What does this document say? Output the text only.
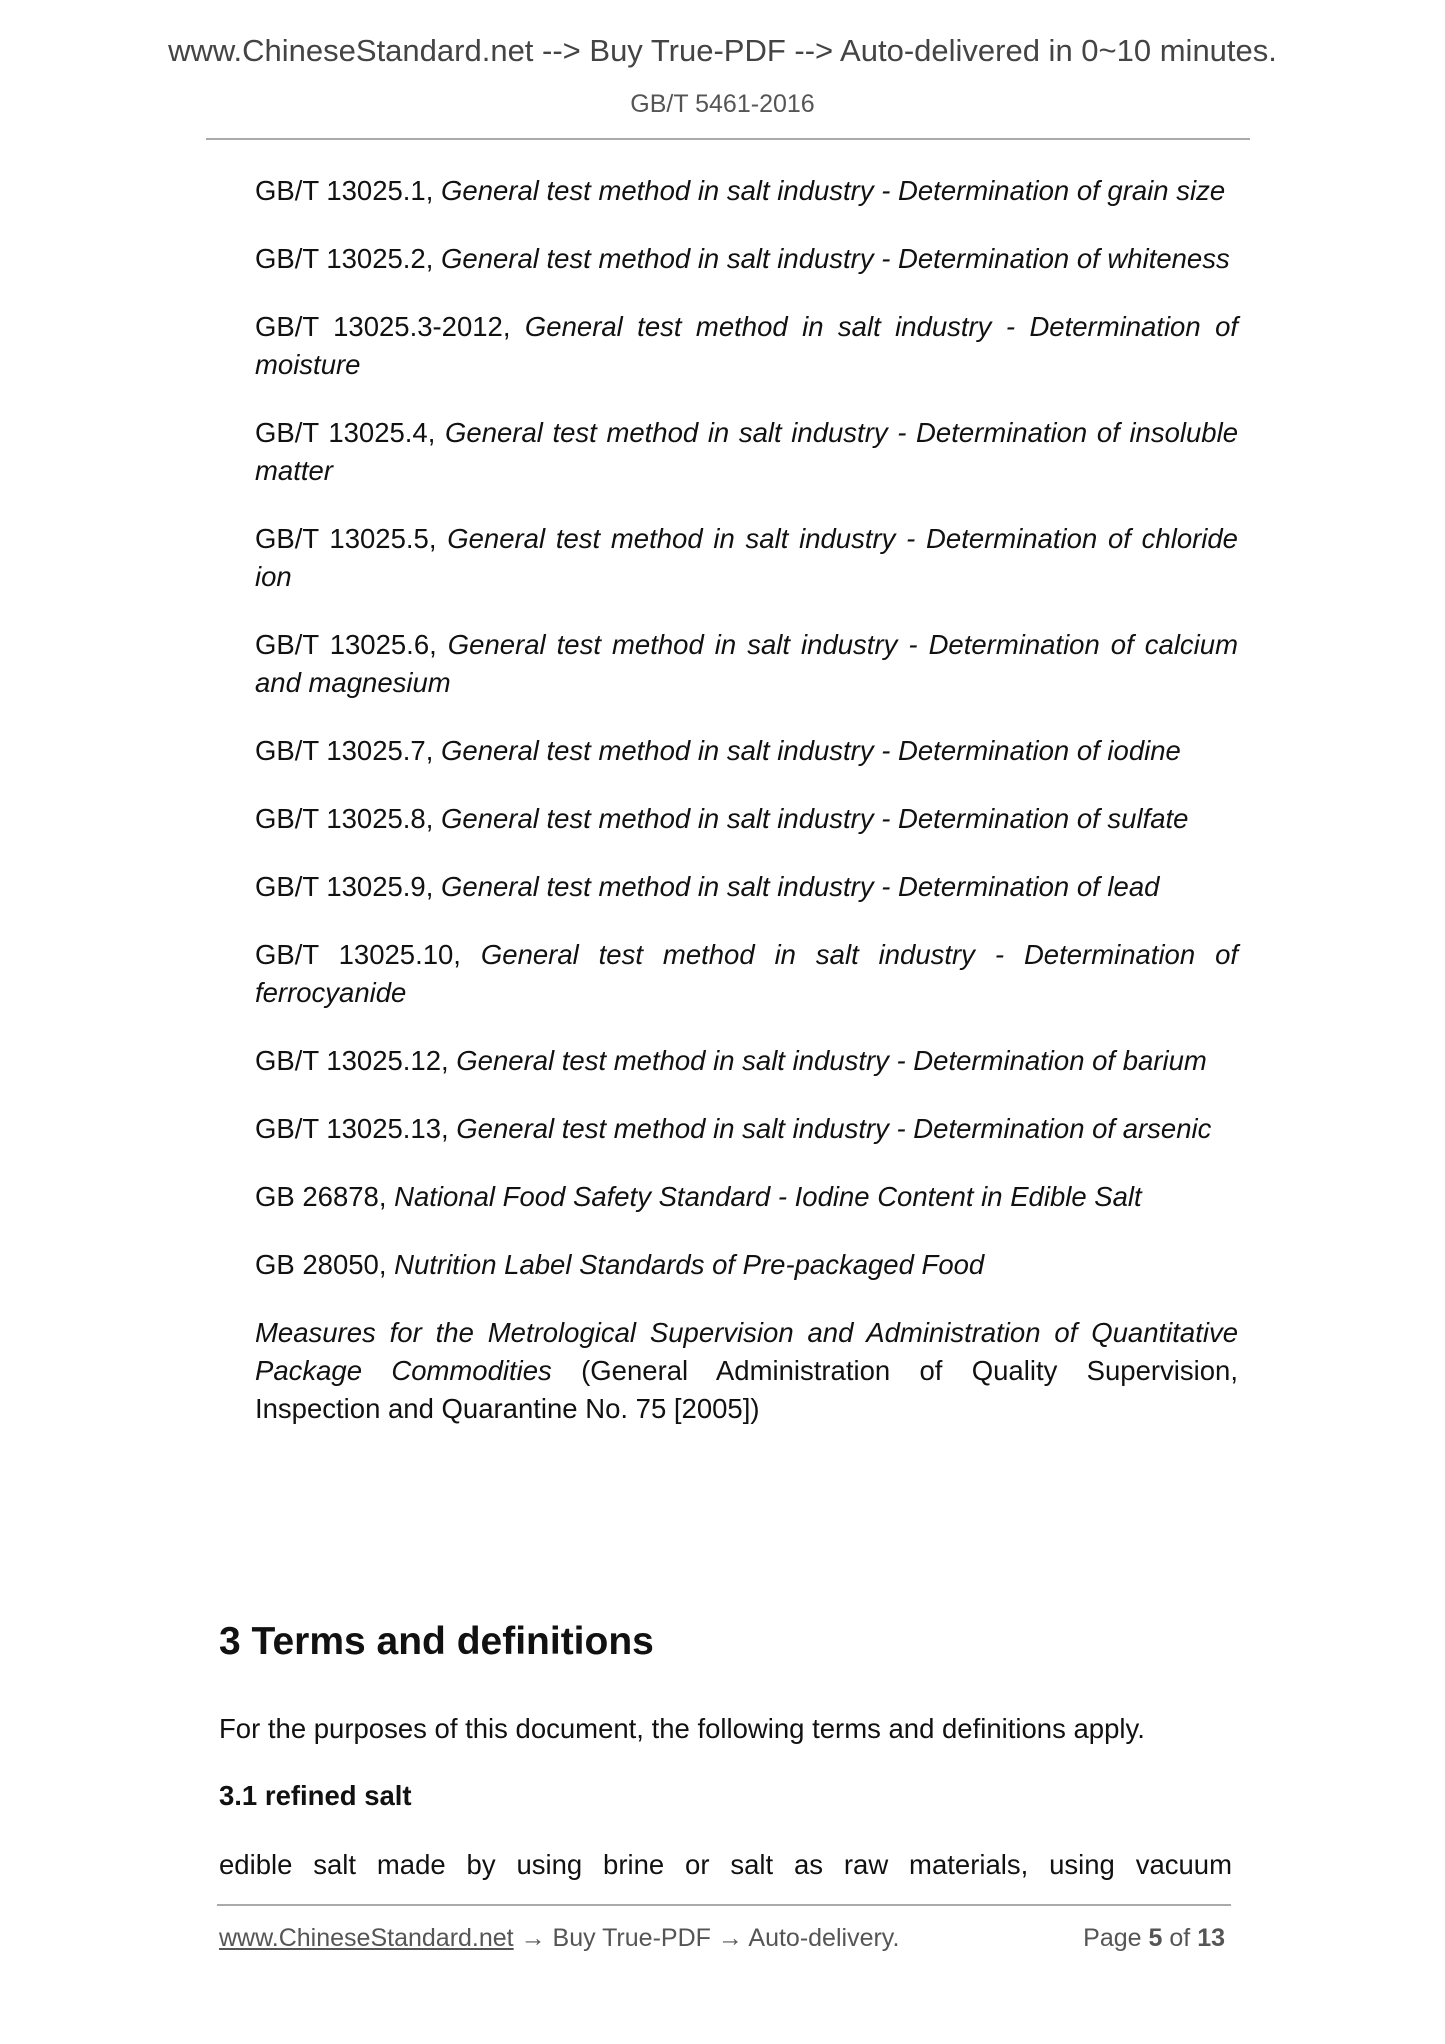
www.ChineseStandard.net --> Buy True-PDF --> Auto-delivered in 0~10 minutes.
GB/T 5461-2016

GB/T 13025.1, General test method in salt industry - Determination of grain size

GB/T 13025.2, General test method in salt industry - Determination of whiteness

GB/T 13025.3-2012, General test method in salt industry - Determination of moisture

GB/T 13025.4, General test method in salt industry - Determination of insoluble matter

GB/T 13025.5, General test method in salt industry - Determination of chloride ion

GB/T 13025.6, General test method in salt industry - Determination of calcium and magnesium

GB/T 13025.7, General test method in salt industry - Determination of iodine

GB/T 13025.8, General test method in salt industry - Determination of sulfate

GB/T 13025.9, General test method in salt industry - Determination of lead

GB/T 13025.10, General test method in salt industry - Determination of ferrocyanide

GB/T 13025.12, General test method in salt industry - Determination of barium

GB/T 13025.13, General test method in salt industry - Determination of arsenic

GB 26878, National Food Safety Standard - Iodine Content in Edible Salt

GB 28050, Nutrition Label Standards of Pre-packaged Food

Measures for the Metrological Supervision and Administration of Quantitative Package Commodities (General Administration of Quality Supervision, Inspection and Quarantine No. 75 [2005])

3 Terms and definitions
For the purposes of this document, the following terms and definitions apply.
3.1 refined salt
edible salt made by using brine or salt as raw materials, using vacuum
www.ChineseStandard.net → Buy True-PDF → Auto-delivery.	Page 5 of 13
